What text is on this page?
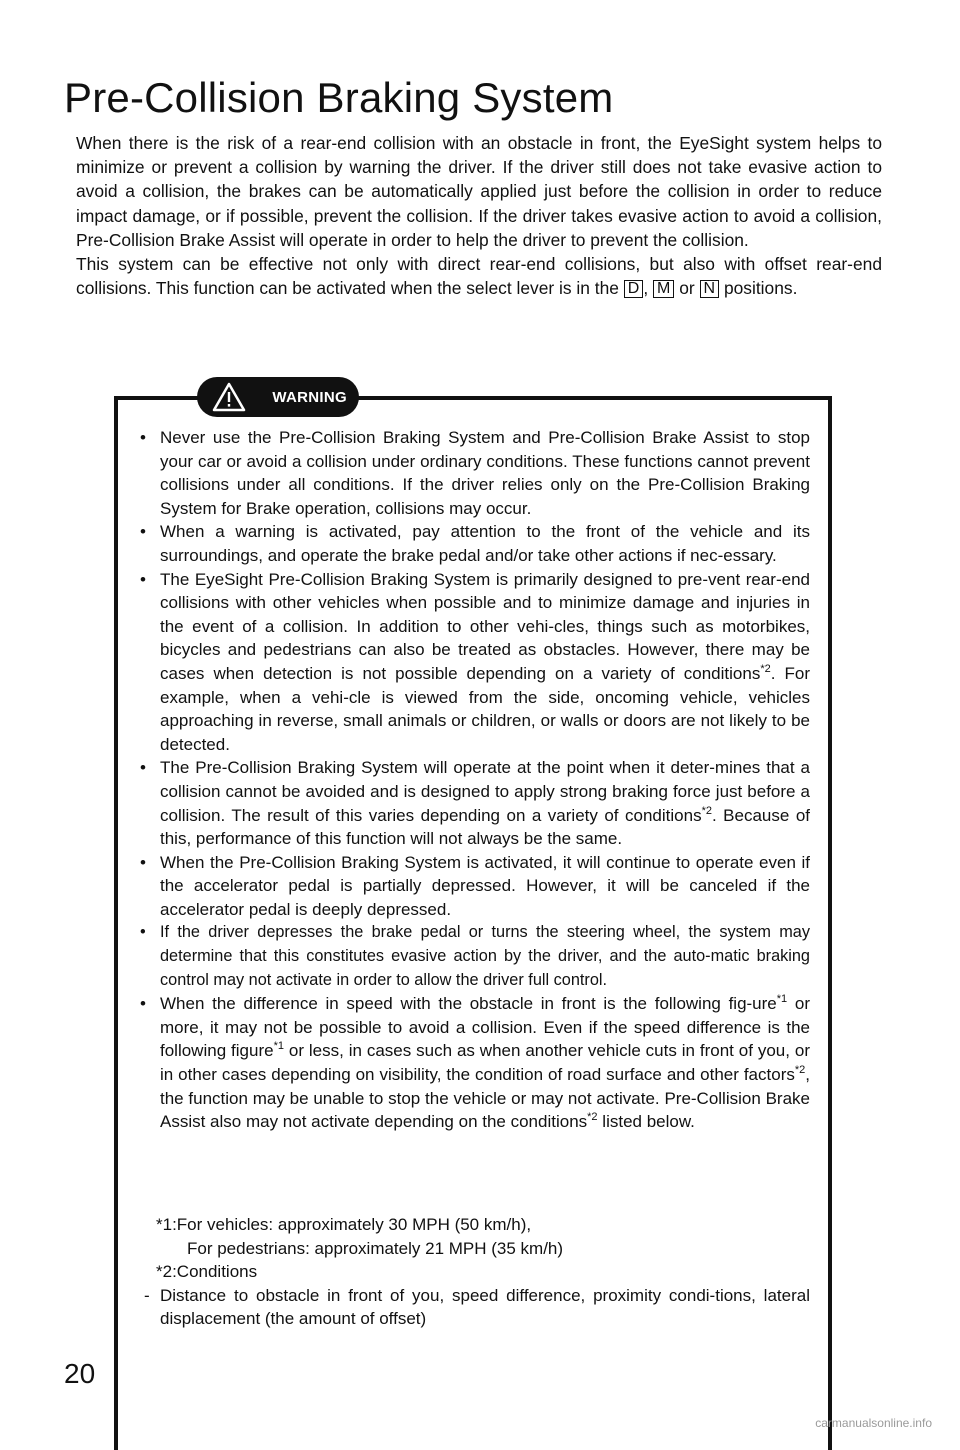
Pre-Collision Braking System

When there is the risk of a rear-end collision with an obstacle in front, the EyeSight system helps to minimize or prevent a collision by warning the driver. If the driver still does not take evasive action to avoid a collision, the brakes can be automatically applied just before the collision in order to reduce impact damage, or if possible, prevent the collision. If the driver takes evasive action to avoid a collision, Pre-Collision Brake Assist will operate in order to help the driver to prevent the collision.

This system can be effective not only with direct rear-end collisions, but also with offset rear-end collisions. This function can be activated when the select lever is in the D , M or N positions.

WARNING
• Never use the Pre-Collision Braking System and Pre-Collision Brake Assist to stop your car or avoid a collision under ordinary conditions. These functions cannot prevent collisions under all conditions. If the driver relies only on the Pre-Collision Braking System for Brake operation, collisions may occur.
• When a warning is activated, pay attention to the front of the vehicle and its surroundings, and operate the brake pedal and/or take other actions if nec-essary.
• The EyeSight Pre-Collision Braking System is primarily designed to pre-vent rear-end collisions with other vehicles when possible and to minimize damage and injuries in the event of a collision. In addition to other vehi-cles, things such as motorbikes, bicycles and pedestrians can also be treated as obstacles. However, there may be cases when detection is not possible depending on a variety of conditions$^{*2}$. For example, when a vehi-cle is viewed from the side, oncoming vehicle, vehicles approaching in reverse, small animals or children, or walls or doors are not likely to be detected.
• The Pre-Collision Braking System will operate at the point when it deter-mines that a collision cannot be avoided and is designed to apply strong braking force just before a collision. The result of this varies depending on a variety of conditions$^{*2}$. Because of this, performance of this function will not always be the same.
• When the Pre-Collision Braking System is activated, it will continue to operate even if the accelerator pedal is partially depressed. However, it will be canceled if the accelerator pedal is deeply depressed.
• If the driver depresses the brake pedal or turns the steering wheel, the system may determine that this constitutes evasive action by the driver, and the auto-matic braking control may not activate in order to allow the driver full control.
• When the difference in speed with the obstacle in front is the following fig-ure$^{*1}$ or more, it may not be possible to avoid a collision. Even if the speed difference is the following figure$^{*1}$ or less, in cases such as when another vehicle cuts in front of you, or in other cases depending on visibility, the condition of road surface and other factors$^{*2}$, the function may be unable to stop the vehicle or may not activate. Pre-Collision Brake Assist also may not activate depending on the conditions$^{*2}$ listed below.
*1:For vehicles: approximately 30 MPH (50 km/h),
For pedestrians: approximately 21 MPH (35 km/h)
*2:Conditions
- Distance to obstacle in front of you, speed difference, proximity condi-tions, lateral displacement (the amount of offset)
20
carmanualsonline.info
